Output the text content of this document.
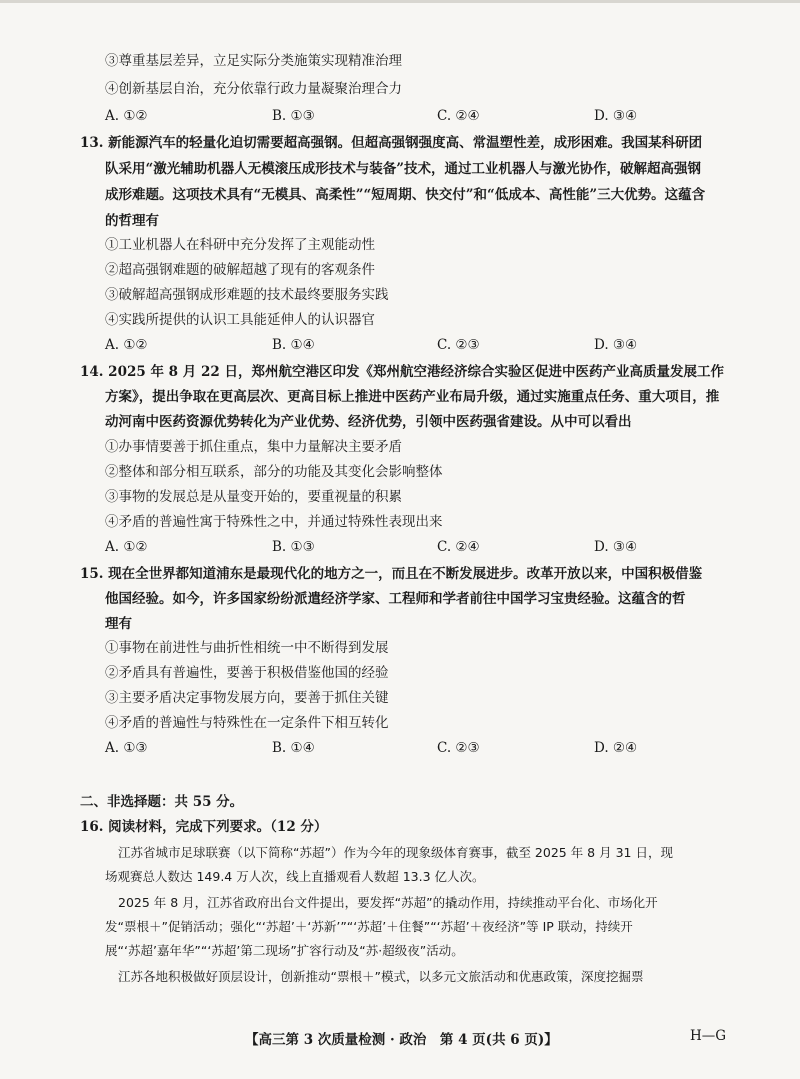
③尊重基层差异，立足实际分类施策实现精准治理
④创新基层自治，充分依靠行政力量凝聚治理合力
A. ①②	B. ①③	C. ②④	D. ③④
13. 新能源汽车的轻量化迫切需要超高强钢。但超高强钢强度高、常温塑性差，成形困难。我国某科研团
队采用“激光辅助机器人无模滚压成形技术与装备”技术，通过工业机器人与激光协作，破解超高强钢
成形难题。这项技术具有“无模具、高柔性”“短周期、快交付”和“低成本、高性能”三大优势。这蕴含
的哲理有
①工业机器人在科研中充分发挥了主观能动性
②超高强钢难题的破解超越了现有的客观条件
③破解超高强钢成形难题的技术最终要服务实践
④实践所提供的认识工具能延伸人的认识器官
A. ①②	B. ①④	C. ②③	D. ③④
14. 2025 年 8 月 22 日，郑州航空港区印发《郑州航空港经济综合实验区促进中医药产业高质量发展工作
方案》，提出争取在更高层次、更高目标上推进中医药产业布局升级，通过实施重点任务、重大项目，推
动河南中医药资源优势转化为产业优势、经济优势，引领中医药强省建设。从中可以看出
①办事情要善于抓住重点，集中力量解决主要矛盾
②整体和部分相互联系，部分的功能及其变化会影响整体
③事物的发展总是从量变开始的，要重视量的积累
④矛盾的普遍性寓于特殊性之中，并通过特殊性表现出来
A. ①②	B. ①③	C. ②④	D. ③④
15. 现在全世界都知道浦东是最现代化的地方之一，而且在不断发展进步。改革开放以来，中国积极借鉴
他国经验。如今，许多国家纷纷派遣经济学家、工程师和学者前往中国学习宝贵经验。这蕴含的哲
理有
①事物在前进性与曲折性相统一中不断得到发展
②矛盾具有普遍性，要善于积极借鉴他国的经验
③主要矛盾决定事物发展方向，要善于抓住关键
④矛盾的普遍性与特殊性在一定条件下相互转化
A. ①③	B. ①④	C. ②③	D. ②④
二、非选择题：共 55 分。
16. 阅读材料，完成下列要求。（12 分）
江苏省城市足球联赛（以下简称“苏超”）作为今年的现象级体育赛事，截至 2025 年 8 月 31 日，现
场观赛总人数达 149.4 万人次，线上直播观看人数超 13.3 亿人次。
2025 年 8 月，江苏省政府出台文件提出，要发挥“苏超”的撬动作用，持续推动平台化、市场化开
发“票根＋”促销活动；强化“‘苏超’＋‘苏新’”“‘苏超’＋住餐”“‘苏超’＋夜经济”等 IP 联动，持续开
展“‘苏超’嘉年华”“‘苏超’第二现场”扩容行动及“苏·超级夜”活动。
江苏各地积极做好顶层设计，创新推动“票根＋”模式，以多元文旅活动和优惠政策，深度挖掘票
【高三第 3 次质量检测 · 政治　第 4 页(共 6 页)】	H—G
